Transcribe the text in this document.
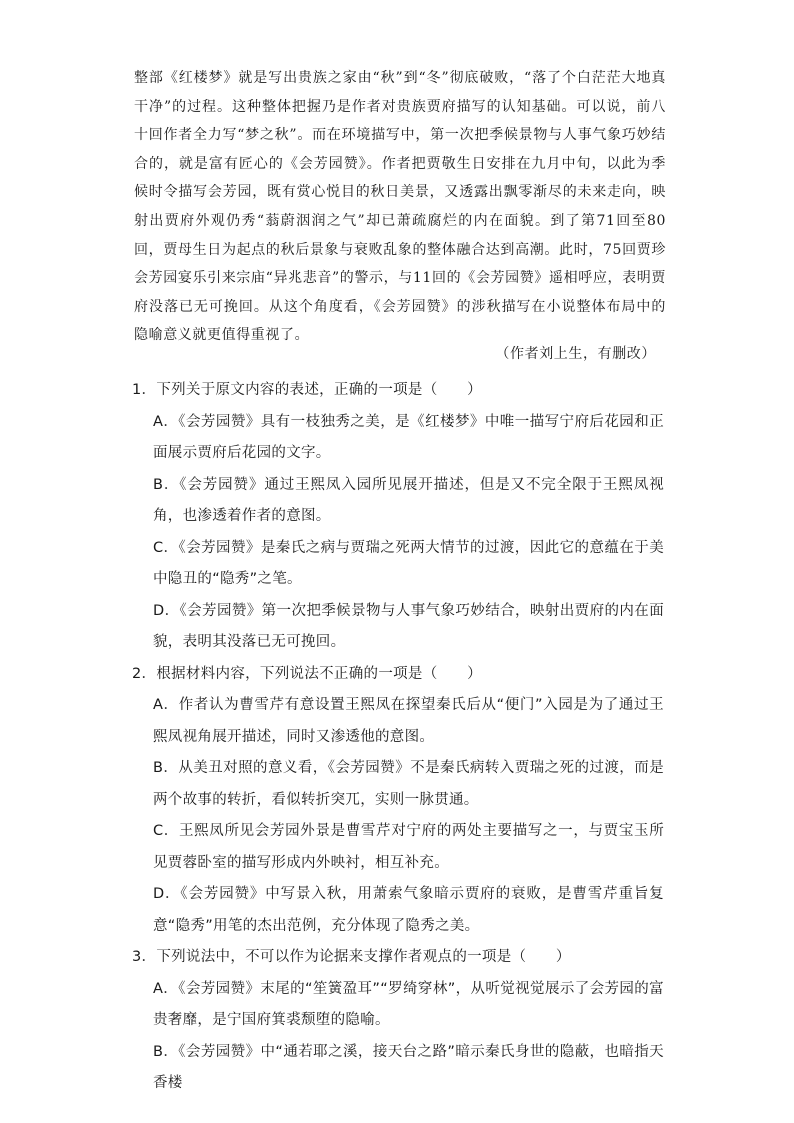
整部《红楼梦》就是写出贵族之家由“秋”到“冬”彻底破败，“落了个白茫茫大地真干净”的过程。这种整体把握乃是作者对贵族贾府描写的认知基础。可以说，前八十回作者全力写“梦之秋”。而在环境描写中，第一次把季候景物与人事气象巧妙结合的，就是富有匠心的《会芳园赞》。作者把贾敬生日安排在九月中旬，以此为季候时令描写会芳园，既有赏心悦目的秋日美景，又透露出飘零渐尽的未来走向，映射出贾府外观仍秀“蓊蔚洇润之气”却已萧疏腐烂的内在面貌。到了第71回至80回，贾母生日为起点的秋后景象与衰败乱象的整体融合达到高潮。此时，75回贾珍会芳园宴乐引来宗庙“异兆悲音”的警示，与11回的《会芳园赞》遥相呼应，表明贾府没落已无可挽回。从这个角度看，《会芳园赞》的涉秋描写在小说整体布局中的隐喻意义就更值得重视了。

（作者刘上生，有删改）

1．下列关于原文内容的表述，正确的一项是（　　）

A．《会芳园赞》具有一枝独秀之美，是《红楼梦》中唯一描写宁府后花园和正面展示贾府后花园的文字。

B．《会芳园赞》通过王熙凤入园所见展开描述，但是又不完全限于王熙凤视角，也渗透着作者的意图。

C．《会芳园赞》是秦氏之病与贾瑞之死两大情节的过渡，因此它的意蕴在于美中隐丑的“隐秀”之笔。

D．《会芳园赞》第一次把季候景物与人事气象巧妙结合，映射出贾府的内在面貌，表明其没落已无可挽回。

2．根据材料内容，下列说法不正确的一项是（　　）

A．作者认为曹雪芹有意设置王熙凤在探望秦氏后从“便门”入园是为了通过王熙凤视角展开描述，同时又渗透他的意图。

B．从美丑对照的意义看，《会芳园赞》不是秦氏病转入贾瑞之死的过渡，而是两个故事的转折，看似转折突兀，实则一脉贯通。

C．王熙凤所见会芳园外景是曹雪芹对宁府的两处主要描写之一，与贾宝玉所见贾蓉卧室的描写形成内外映衬，相互补充。

D．《会芳园赞》中写景入秋，用萧索气象暗示贾府的衰败，是曹雪芹重旨复意“隐秀”用笔的杰出范例，充分体现了隐秀之美。

3．下列说法中，不可以作为论据来支撑作者观点的一项是（　　）

A．《会芳园赞》末尾的“笙簧盈耳”“罗绮穿林”，从听觉视觉展示了会芳园的富贵奢靡，是宁国府箕裘颓堕的隐喻。

B．《会芳园赞》中“通若耶之溪，接天台之路”暗示秦氏身世的隐蔽，也暗指天香楼
